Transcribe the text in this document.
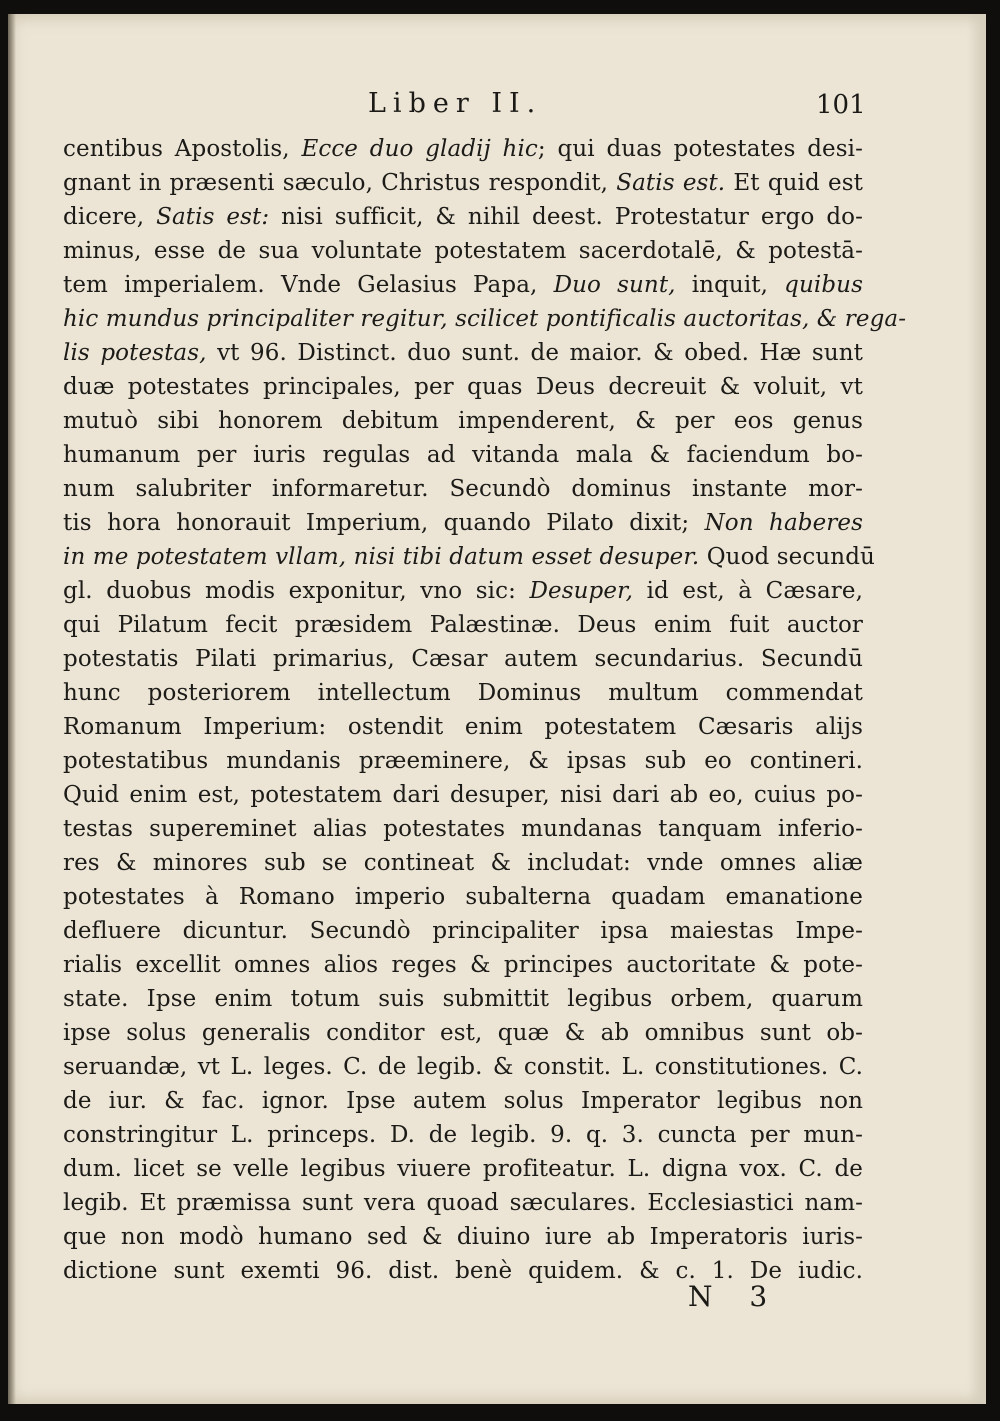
Liber II.	101
centibus Apostolis, Ecce duo gladij hic; qui duas potestates desi-
gnant in præsenti sæculo, Christus respondit, Satis est. Et quid est
dicere, Satis est: nisi sufficit, & nihil deest. Protestatur ergo do-
minus, esse de sua voluntate potestatem sacerdotalē, & potestā-
tem imperialem. Vnde Gelasius Papa, Duo sunt, inquit, quibus
hic mundus principaliter regitur, scilicet pontificalis auctoritas, & rega-
lis potestas, vt 96. Distinct. duo sunt. de maior. & obed. Hæ sunt
duæ potestates principales, per quas Deus decreuit & voluit, vt
mutuò sibi honorem debitum impenderent, & per eos genus
humanum per iuris regulas ad vitanda mala & faciendum bo-
num salubriter informaretur. Secundò dominus instante mor-
tis hora honorauit Imperium, quando Pilato dixit; Non haberes
in me potestatem vllam, nisi tibi datum esset desuper. Quod secundū
gl. duobus modis exponitur, vno sic: Desuper, id est, à Cæsare,
qui Pilatum fecit præsidem Palæstinæ. Deus enim fuit auctor
potestatis Pilati primarius, Cæsar autem secundarius. Secundū
hunc posteriorem intellectum Dominus multum commendat
Romanum Imperium: ostendit enim potestatem Cæsaris alijs
potestatibus mundanis præeminere, & ipsas sub eo contineri.
Quid enim est, potestatem dari desuper, nisi dari ab eo, cuius po-
testas supereminet alias potestates mundanas tanquam inferio-
res & minores sub se contineat & includat: vnde omnes aliæ
potestates à Romano imperio subalterna quadam emanatione
defluere dicuntur. Secundò principaliter ipsa maiestas Impe-
rialis excellit omnes alios reges & principes auctoritate & pote-
state. Ipse enim totum suis submittit legibus orbem, quarum
ipse solus generalis conditor est, quæ & ab omnibus sunt ob-
seruandæ, vt L. leges. C. de legib. & constit. L. constitutiones. C.
de iur. & fac. ignor. Ipse autem solus Imperator legibus non
constringitur L. princeps. D. de legib. 9. q. 3. cuncta per mun-
dum. licet se velle legibus viuere profiteatur. L. digna vox. C. de
legib. Et præmissa sunt vera quoad sæculares. Ecclesiastici nam-
que non modò humano sed & diuino iure ab Imperatoris iuris-
dictione sunt exemti 96. dist. benè quidem. & c. 1. De iudic.
N 3
